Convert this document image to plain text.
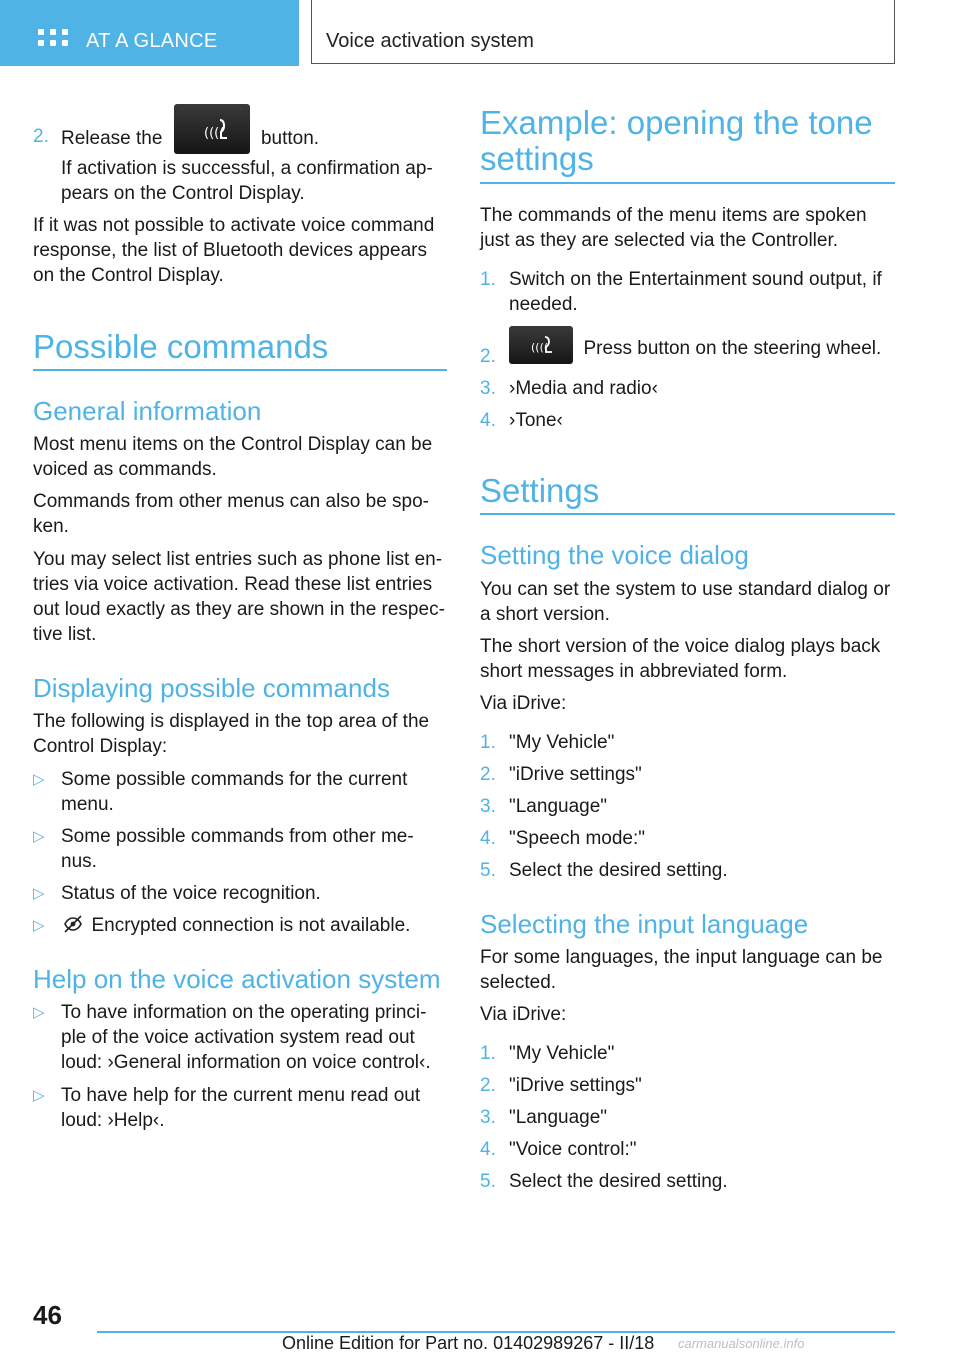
AT A GLANCE	Voice activation system
2. Release the	(((( button.

If activation is successful, a confirmation ap-
pears on the Control Display.

If it was not possible to activate voice command
response, the list of Bluetooth devices appears
on the Control Display.

Possible commands
General information

Most menu items on the Control Display can be
voiced as commands.

Commands from other menus can also be spo-
ken.

You may select list entries such as phone list en-
tries via voice activation. Read these list entries
out loud exactly as they are shown in the respec-
tive list.

Displaying possible commands

The following is displayed in the top area of the
Control Display:

▷ Some possible commands for the current
menu.

▷ Some possible commands from other me-
nus.

▷ Status of the voice recognition.

▷	Encrypted connection is not available.
Help on the voice activation system
▷ To have information on the operating princi-
ple of the voice activation system read out
loud: ›General information on voice control‹.

▷ To have help for the current menu read out
loud: ›Help‹.

Example: opening the tone
settings

The commands of the menu items are spoken
just as they are selected via the Controller.

1. Switch on the Entertainment sound output, if
needed.

2.	(((( Press button on the steering wheel.
3. ›Media and radio‹

4. ›Tone‹

Settings
Setting the voice dialog

You can set the system to use standard dialog or
a short version.

The short version of the voice dialog plays back
short messages in abbreviated form.

Via iDrive:

1. "My Vehicle"

2. "iDrive settings"

3. "Language"

4. "Speech mode:"

5. Select the desired setting.

Selecting the input language

For some languages, the input language can be
selected.

Via iDrive:

1. "My Vehicle"

2. "iDrive settings"

3. "Language"

4. "Voice control:"

5. Select the desired setting.

46
Online Edition for Part no. 01402989267 - II/18 carmanualsonline.info
